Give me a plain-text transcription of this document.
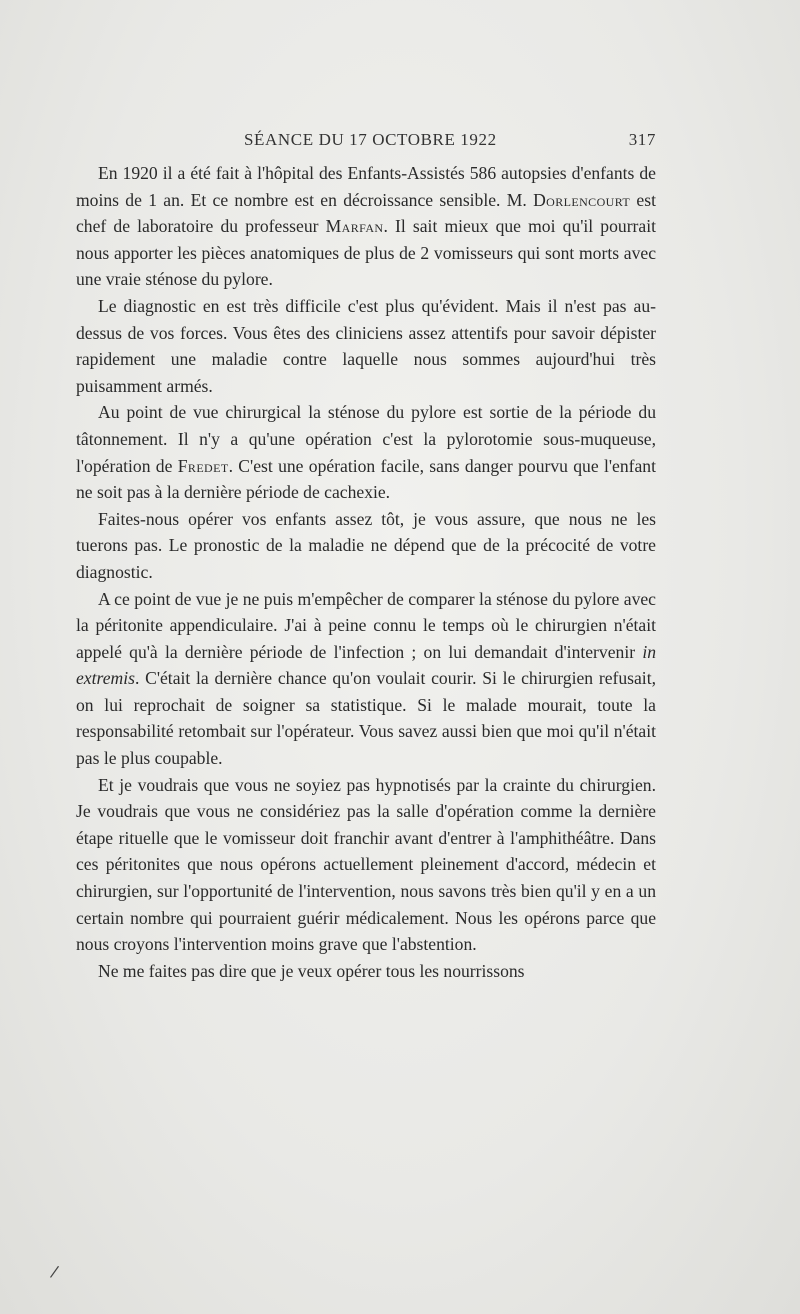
SÉANCE DU 17 OCTOBRE 1922	317

En 1920 il a été fait à l'hôpital des Enfants-Assistés 586 autopsies d'enfants de moins de 1 an. Et ce nombre est en décroissance sensible. M. Dorlencourt est chef de laboratoire du professeur Marfan. Il sait mieux que moi qu'il pourrait nous apporter les pièces anatomiques de plus de 2 vomisseurs qui sont morts avec une vraie sténose du pylore.

Le diagnostic en est très difficile c'est plus qu'évident. Mais il n'est pas au-dessus de vos forces. Vous êtes des cliniciens assez attentifs pour savoir dépister rapidement une maladie contre laquelle nous sommes aujourd'hui très puisamment armés.

Au point de vue chirurgical la sténose du pylore est sortie de la période du tâtonnement. Il n'y a qu'une opération c'est la pylorotomie sous-muqueuse, l'opération de Fredet. C'est une opération facile, sans danger pourvu que l'enfant ne soit pas à la dernière période de cachexie.

Faites-nous opérer vos enfants assez tôt, je vous assure, que nous ne les tuerons pas. Le pronostic de la maladie ne dépend que de la précocité de votre diagnostic.

A ce point de vue je ne puis m'empêcher de comparer la sténose du pylore avec la péritonite appendiculaire. J'ai à peine connu le temps où le chirurgien n'était appelé qu'à la dernière période de l'infection ; on lui demandait d'intervenir in extremis. C'était la dernière chance qu'on voulait courir. Si le chirurgien refusait, on lui reprochait de soigner sa statistique. Si le malade mourait, toute la responsabilité retombait sur l'opérateur. Vous savez aussi bien que moi qu'il n'était pas le plus coupable.

Et je voudrais que vous ne soyiez pas hypnotisés par la crainte du chirurgien. Je voudrais que vous ne considériez pas la salle d'opération comme la dernière étape rituelle que le vomisseur doit franchir avant d'entrer à l'amphithéâtre. Dans ces péritonites que nous opérons actuellement pleinement d'accord, médecin et chirurgien, sur l'opportunité de l'intervention, nous savons très bien qu'il y en a un certain nombre qui pourraient guérir médicalement. Nous les opérons parce que nous croyons l'intervention moins grave que l'abstention.

Ne me faites pas dire que je veux opérer tous les nourrissons

/
